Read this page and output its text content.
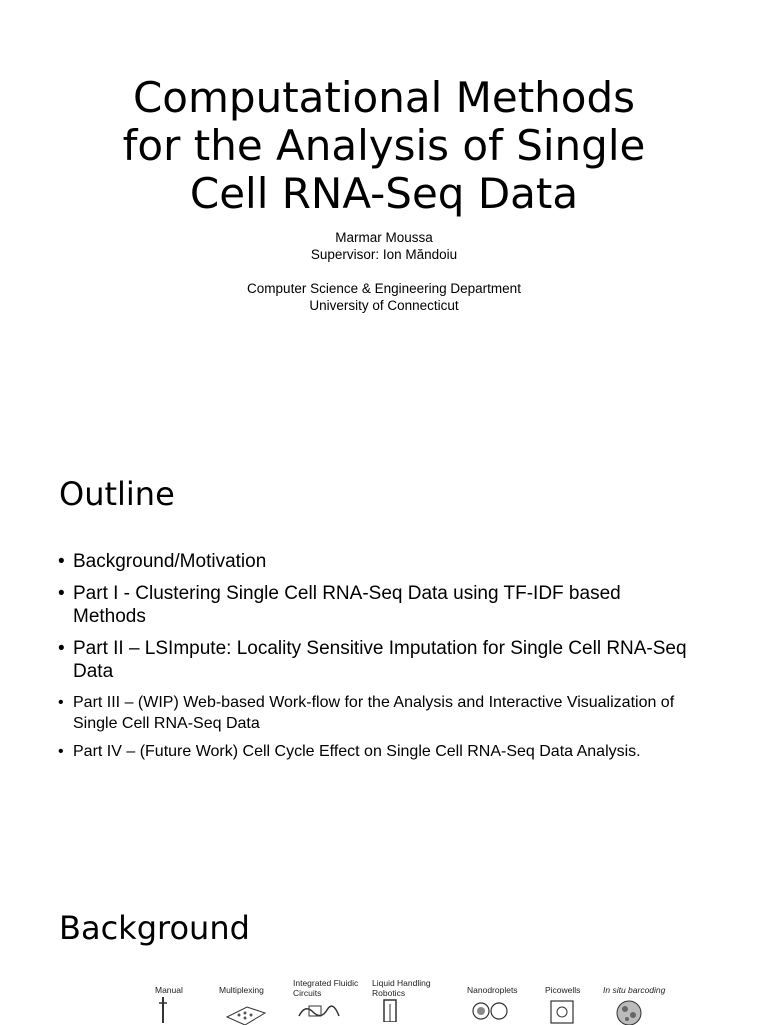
Computational Methods
for the Analysis of Single
Cell RNA-Seq Data
Marmar Moussa
Supervisor: Ion Măndoiu
Computer Science & Engineering Department
University of Connecticut
Outline
• Background/Motivation
• Part I - Clustering Single Cell RNA-Seq Data using TF-IDF based Methods
• Part II – LSImpute: Locality Sensitive Imputation for Single Cell RNA-Seq Data
• Part III – (WIP) Web-based Work-flow for the Analysis and Interactive Visualization of Single Cell RNA-Seq Data
• Part IV – (Future Work) Cell Cycle Effect on Single Cell RNA-Seq Data Analysis.
Background
Manual	Multiplexing
Integrated Fluidic Circuits
Liquid Handling Robotics	Nanodroplets	Picowells	In situ barcoding
